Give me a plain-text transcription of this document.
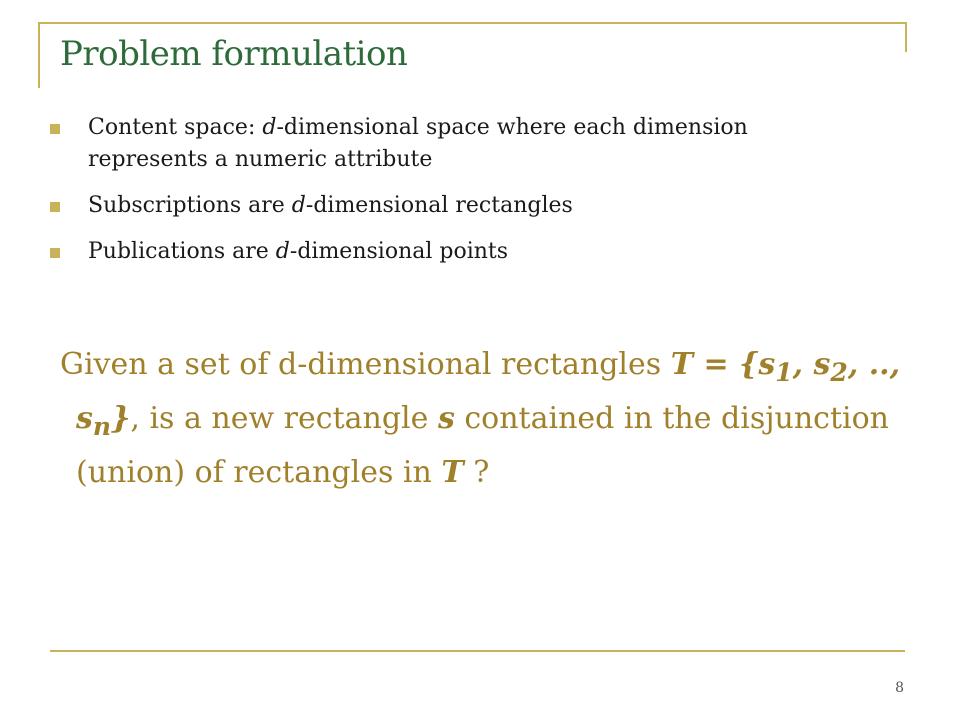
Problem formulation
Content space: d-dimensional space where each dimension represents a numeric attribute
Subscriptions are d-dimensional rectangles
Publications are d-dimensional points

Given a set of d-dimensional rectangles $T = \{s_1$, $s_2$, .., $s_n$}, is a new rectangle s contained in the disjunction (union) of rectangles in T ?

8
